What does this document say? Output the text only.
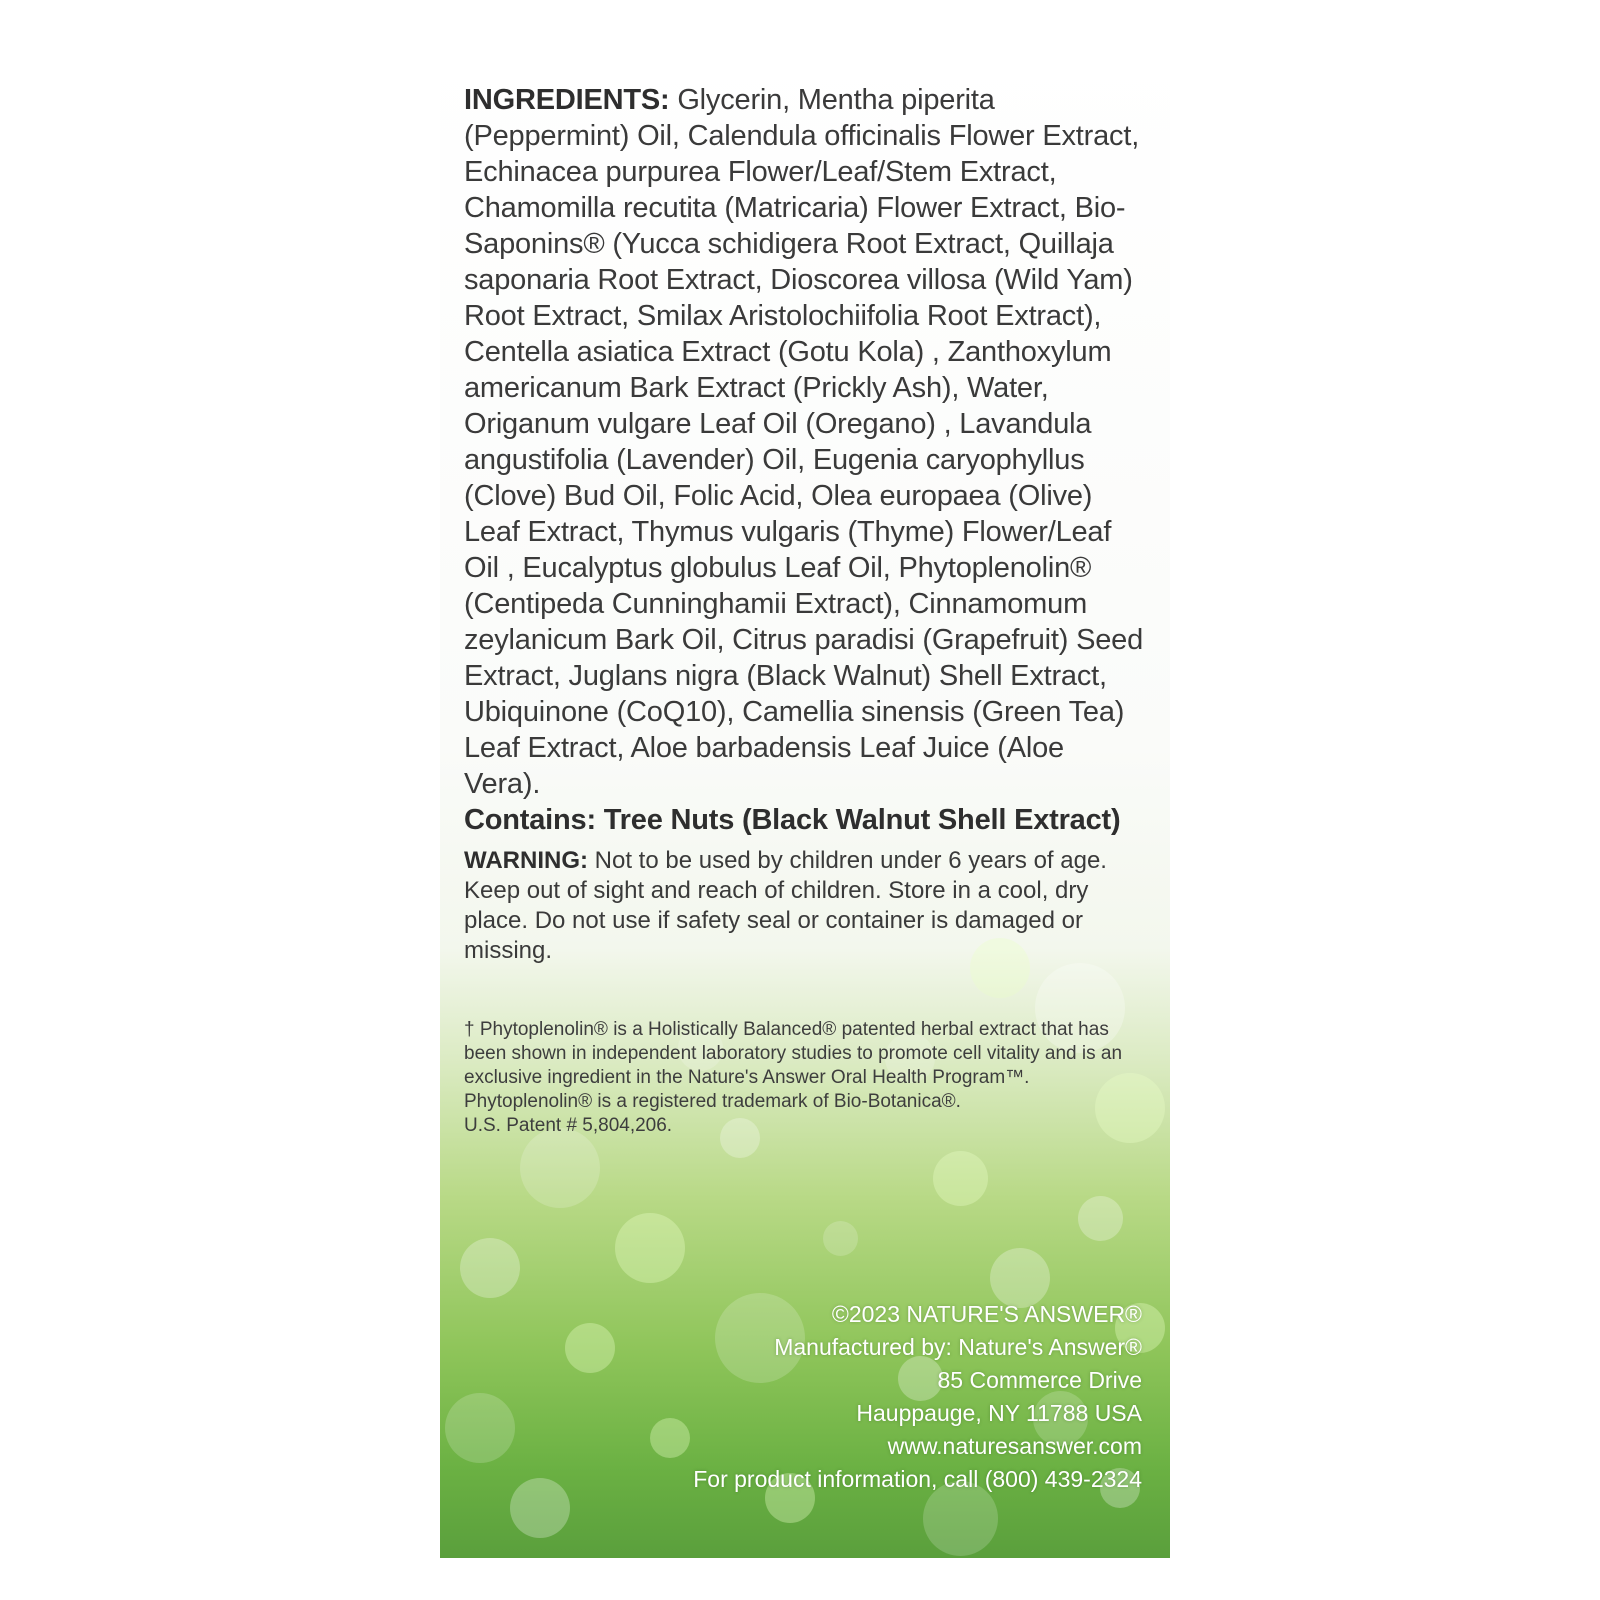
INGREDIENTS: Glycerin, Mentha piperita (Peppermint) Oil, Calendula officinalis Flower Extract, Echinacea purpurea Flower/Leaf/Stem Extract, Chamomilla recutita (Matricaria) Flower Extract, Bio-Saponins® (Yucca schidigera Root Extract, Quillaja saponaria Root Extract, Dioscorea villosa (Wild Yam) Root Extract, Smilax Aristolochiifolia Root Extract), Centella asiatica Extract (Gotu Kola) , Zanthoxylum americanum Bark Extract (Prickly Ash), Water, Origanum vulgare Leaf Oil (Oregano) , Lavandula angustifolia (Lavender) Oil, Eugenia caryophyllus (Clove) Bud Oil, Folic Acid, Olea europaea (Olive) Leaf Extract, Thymus vulgaris (Thyme) Flower/Leaf Oil , Eucalyptus globulus Leaf Oil, Phytoplenolin® (Centipeda Cunninghamii Extract), Cinnamomum zeylanicum Bark Oil, Citrus paradisi (Grapefruit) Seed Extract, Juglans nigra (Black Walnut) Shell Extract, Ubiquinone (CoQ10), Camellia sinensis (Green Tea) Leaf Extract, Aloe barbadensis Leaf Juice (Aloe Vera).
Contains: Tree Nuts (Black Walnut Shell Extract)
WARNING: Not to be used by children under 6 years of age. Keep out of sight and reach of children. Store in a cool, dry place. Do not use if safety seal or container is damaged or missing.

† Phytoplenolin® is a Holistically Balanced® patented herbal extract that has been shown in independent laboratory studies to promote cell vitality and is an exclusive ingredient in the Nature's Answer Oral Health Program™.

Phytoplenolin® is a registered trademark of Bio-Botanica®.

U.S. Patent # 5,804,206.

©2023 NATURE'S ANSWER®
Manufactured by: Nature's Answer®
85 Commerce Drive
Hauppauge, NY 11788 USA
www.naturesanswer.com
For product information, call (800) 439-2324
